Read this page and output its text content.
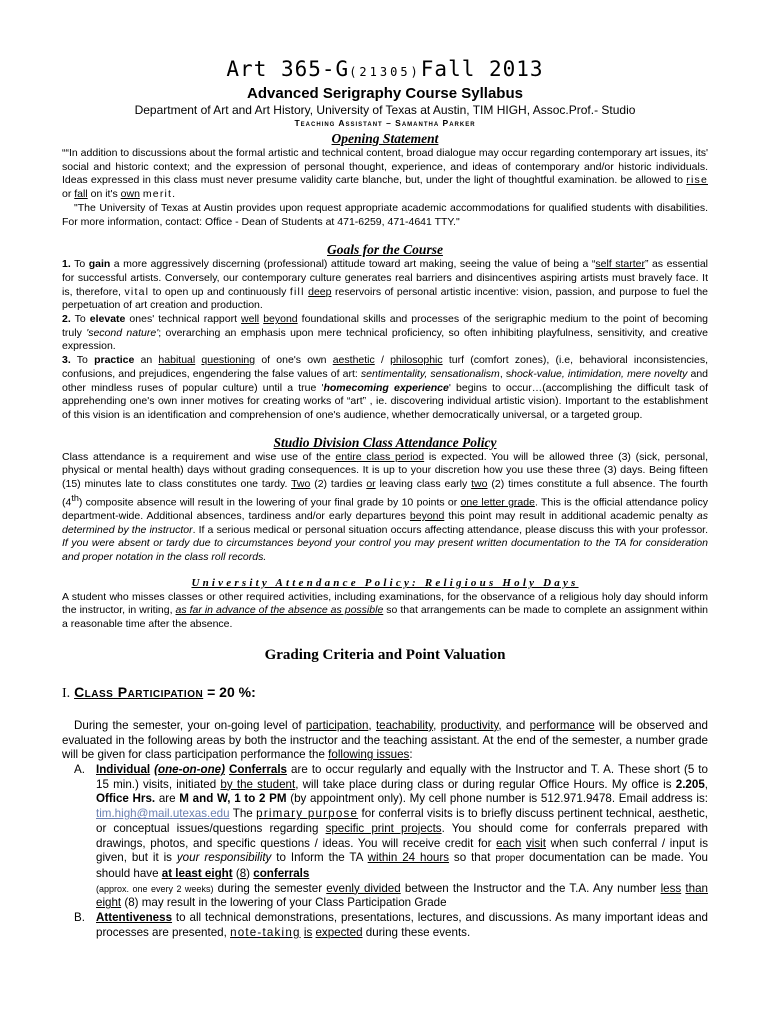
Art 365-G(21305)Fall 2013
Advanced Serigraphy Course Syllabus
Department of Art and Art History, University of Texas at Austin, TIM HIGH, Assoc.Prof.- Studio
Teaching Assistant – Samantha Parker
Opening Statement

““In addition to discussions about the formal artistic and technical content, broad dialogue may occur regarding contemporary art issues, its' social and historic context; and the expression of personal thought, experience, and ideas of contemporary and/or historic individuals. Ideas expressed in this class must never presume validity carte blanche, but, under the light of thoughtful examination. be allowed to rise or fall on it's own merit.

"The University of Texas at Austin provides upon request appropriate academic accommodations for qualified students with disabilities. For more information, contact: Office - Dean of Students at 471-6259, 471-4641 TTY."

Goals for the Course

1. To gain a more aggressively discerning (professional) attitude toward art making, seeing the value of being a “self starter” as essential for successful artists. Conversely, our contemporary culture generates real barriers and disincentives aspiring artists must bravely face. It is, therefore, vital to open up and continuously fill deep reservoirs of personal artistic incentive: vision, passion, and purpose to fuel the perpetuation of art creation and production.

2. To elevate ones' technical rapport well beyond foundational skills and processes of the serigraphic medium to the point of becoming truly 'second nature'; overarching an emphasis upon mere technical proficiency, so often inhibiting playfulness, sensitivity, and creative expression.

3. To practice an habitual questioning of one's own aesthetic / philosophic turf (comfort zones), (i.e, behavioral inconsistencies, confusions, and prejudices, engendering the false values of art: sentimentality, sensationalism, shock-value, intimidation, mere novelty and other mindless ruses of popular culture) until a true 'homecoming experience' begins to occur…(accomplishing the difficult task of apprehending one's own inner motives for creating works of “art” , ie. discovering individual artistic vision). Important to the establishment of this vision is an identification and comprehension of one's audience, whether democratically universal, or a targeted group.

Studio Division Class Attendance Policy

Class attendance is a requirement and wise use of the entire class period is expected. You will be allowed three (3) (sick, personal, physical or mental health) days without grading consequences. It is up to your discretion how you use these three (3) days. Being fifteen (15) minutes late to class constitutes one tardy. Two (2) tardies or leaving class early two (2) times constitute a full absence. The fourth (4th) composite absence will result in the lowering of your final grade by 10 points or one letter grade. This is the official attendance policy department-wide. Additional absences, tardiness and/or early departures beyond this point may result in additional academic penalty as determined by the instructor. If a serious medical or personal situation occurs affecting attendance, please discuss this with your professor. If you were absent or tardy due to circumstances beyond your control you may present written documentation to the TA for consideration and proper notation in the class roll records.

University Attendance Policy: Religious Holy Days

A student who misses classes or other required activities, including examinations, for the observance of a religious holy day should inform the instructor, in writing, as far in advance of the absence as possible so that arrangements can be made to complete an assignment within a reasonable time after the absence.

Grading Criteria and Point Valuation
I. Class Participation = 20 %:

During the semester, your on-going level of participation, teachability, productivity, and performance will be observed and evaluated in the following areas by both the instructor and the teaching assistant. At the end of the semester, a number grade will be given for class participation performance the following issues:

A. Individual (one-on-one) Conferrals are to occur regularly and equally with the Instructor and T. A. These short (5 to 15 min.) visits, initiated by the student, will take place during class or during regular Office Hours. My office is 2.205, Office Hrs. are M and W, 1 to 2 PM (by appointment only). My cell phone number is 512.971.9478. Email address is: tim.high@mail.utexas.edu The primary purpose for conferral visits is to briefly discuss pertinent technical, aesthetic, or conceptual issues/questions regarding specific print projects. You should come for conferrals prepared with drawings, photos, and specific questions / ideas. You will receive credit for each visit when such conferral / input is given, but it is your responsibility to Inform the TA within 24 hours so that proper documentation can be made. You should have at least eight (8) conferrals
(approx. one every 2 weeks) during the semester evenly divided between the Instructor and the T.A. Any number less than eight (8) may result in the lowering of your Class Participation Grade

B. Attentiveness to all technical demonstrations, presentations, lectures, and discussions. As many important ideas and processes are presented, note-taking is expected during these events.
